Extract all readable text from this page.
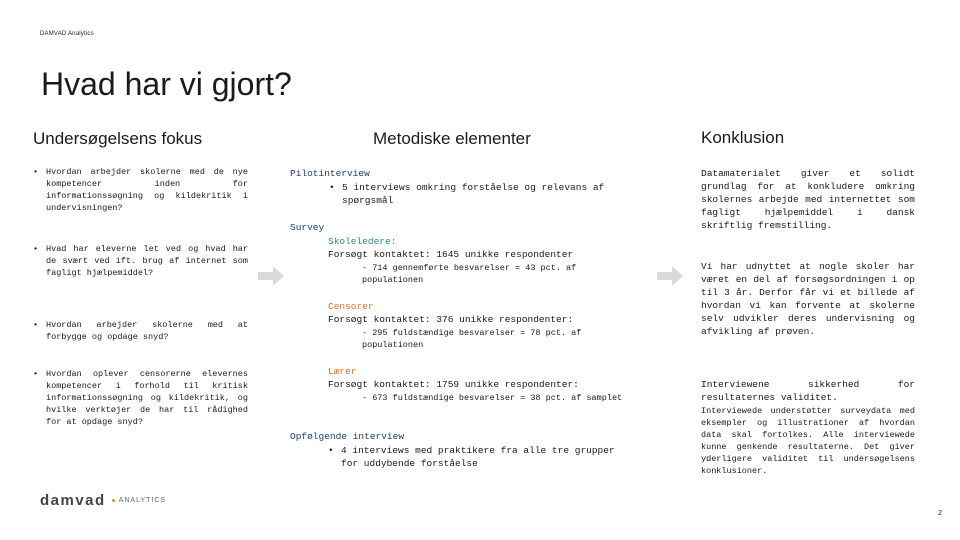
DAMVAD Analytics
Hvad har vi gjort?
Undersøgelsens fokus	Metodiske elementer	Konklusion
• Hvordan arbejder skolerne med de nye kompetencer inden for informationssøgning og kildekritik i undervisningen?
• Hvad har eleverne let ved og hvad har de svært ved ift. brug af internet som fagligt hjælpemiddel?
• Hvordan arbejder skolerne med at forbygge og opdage snyd?
• Hvordan oplever censorerne elevernes kompetencer i forhold til kritisk informationssøgning og kildekritik, og hvilke verktøjer de har til rådighed for at opdage snyd?
Pilotinterview
• 5 interviews omkring forståelse og relevans af spørgsmål
Survey
Skoleledere:
Forsøgt kontaktet: 1645 unikke respondenter
- 714 gennemførte besvarelser = 43 pct. af populationen
Censorer
Forsøgt kontaktet: 376 unikke respondenter:
- 295 fuldstændige besvarelser = 78 pct. af populationen
Lærer
Forsøgt kontaktet: 1759 unikke respondenter:
- 673 fuldstændige besvarelser = 38 pct. af samplet
Opfølgende interview
• 4 interviews med praktikere fra alle tre grupper for uddybende forståelse
Datamaterialet giver et solidt grundlag for at konkludere omkring skolernes arbejde med internettet som fagligt hjælpemiddel i dansk skriftlig fremstilling.
Vi har udnyttet at nogle skoler har været en del af forsøgsordningen i op til 3 år. Derfor får vi et billede af hvordan vi kan forvente at skolerne selv udvikler deres undervisning og afvikling af prøven.
Interviewene sikkerhed for resultaternes validitet.
Interviewede understøtter surveydata med eksempler og illustrationer af hvordan data skal fortolkes. Alle interviewede kunne genkende resultaterne. Det giver yderligere validitet til undersøgelsens konklusioner.
damvad ANALYTICS
2
